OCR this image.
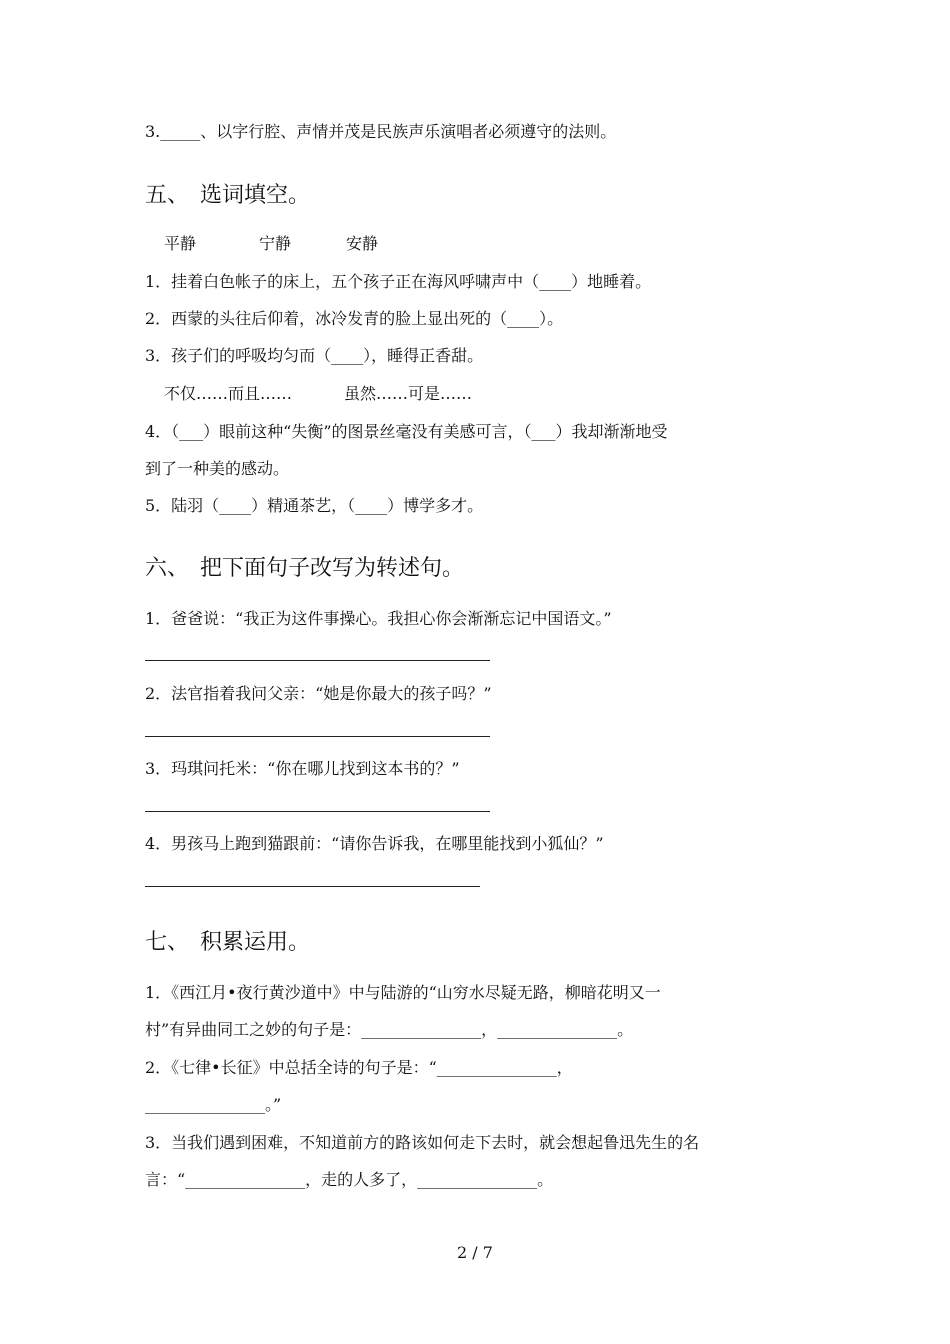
3._____、以字行腔、声情并茂是民族声乐演唱者必须遵守的法则。
五、　选词填空。
平静	宁静	安静
1．挂着白色帐子的床上，五个孩子正在海风呼啸声中（____）地睡着。
2．西蒙的头往后仰着，冰冷发青的脸上显出死的（____）。
3．孩子们的呼吸均匀而（____），睡得正香甜。
不仅……而且……	虽然……可是……
4．（___）眼前这种“失衡”的图景丝毫没有美感可言，（___）我却渐渐地受
到了一种美的感动。
5．陆羽（____）精通茶艺，（____）博学多才。
六、　把下面句子改写为转述句。
1．爸爸说：“我正为这件事操心。我担心你会渐渐忘记中国语文。”
2．法官指着我问父亲：“她是你最大的孩子吗？”
3．玛琪问托米：“你在哪儿找到这本书的？”
4．男孩马上跑到猫跟前：“请你告诉我，在哪里能找到小狐仙？”
七、　积累运用。
1．《西江月•夜行黄沙道中》中与陆游的“山穷水尽疑无路，柳暗花明又一
村”有异曲同工之妙的句子是：_______________，_______________。
2．《七律•长征》中总括全诗的句子是：“_______________，
_______________。”
3．当我们遇到困难，不知道前方的路该如何走下去时，就会想起鲁迅先生的名
言：“_______________，走的人多了，_______________。
2 / 7
